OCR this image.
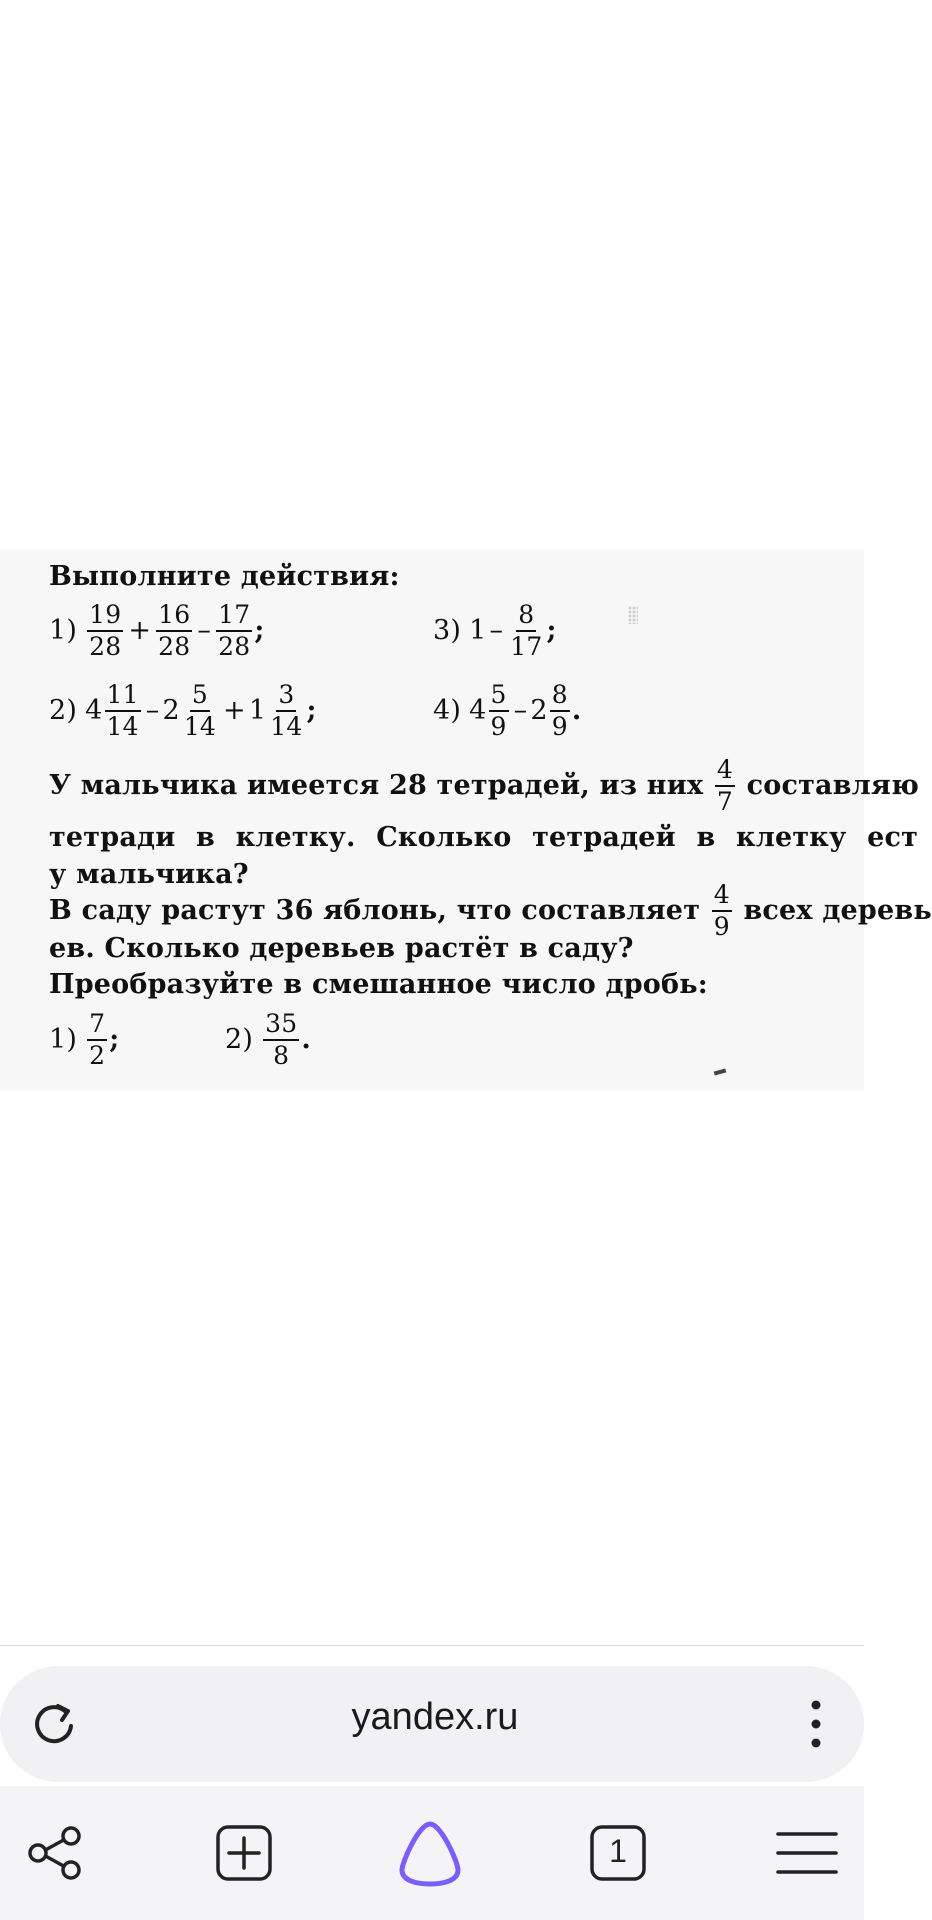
Выполните действия:
$1) \frac{19}{28} + \frac{16}{28} - \frac{17}{28}$ ;	3) $1 - \frac{8}{17}$ ;
2) $4 \frac{11}{14} - 2 \frac{5}{14} + 1 \frac{3}{14}$ ;	4) $4 \frac{5}{9} - 2 \frac{8}{9}$ .
У мальчика имеется 28 тетрадей, из них $\frac{4}{7}$ составляю
тетради в клетку. Сколько тетрадей в клетку ест
у мальчика?
В саду растут 36 яблонь, что составляет $\frac{4}{9}$ всех деревь
ев. Сколько деревьев растёт в саду?
Преобразуйте в смешанное число дробь:
$1) \frac{7}{2}$ ;	$2) \frac{35}{8}$ .
yandex.ru
1
